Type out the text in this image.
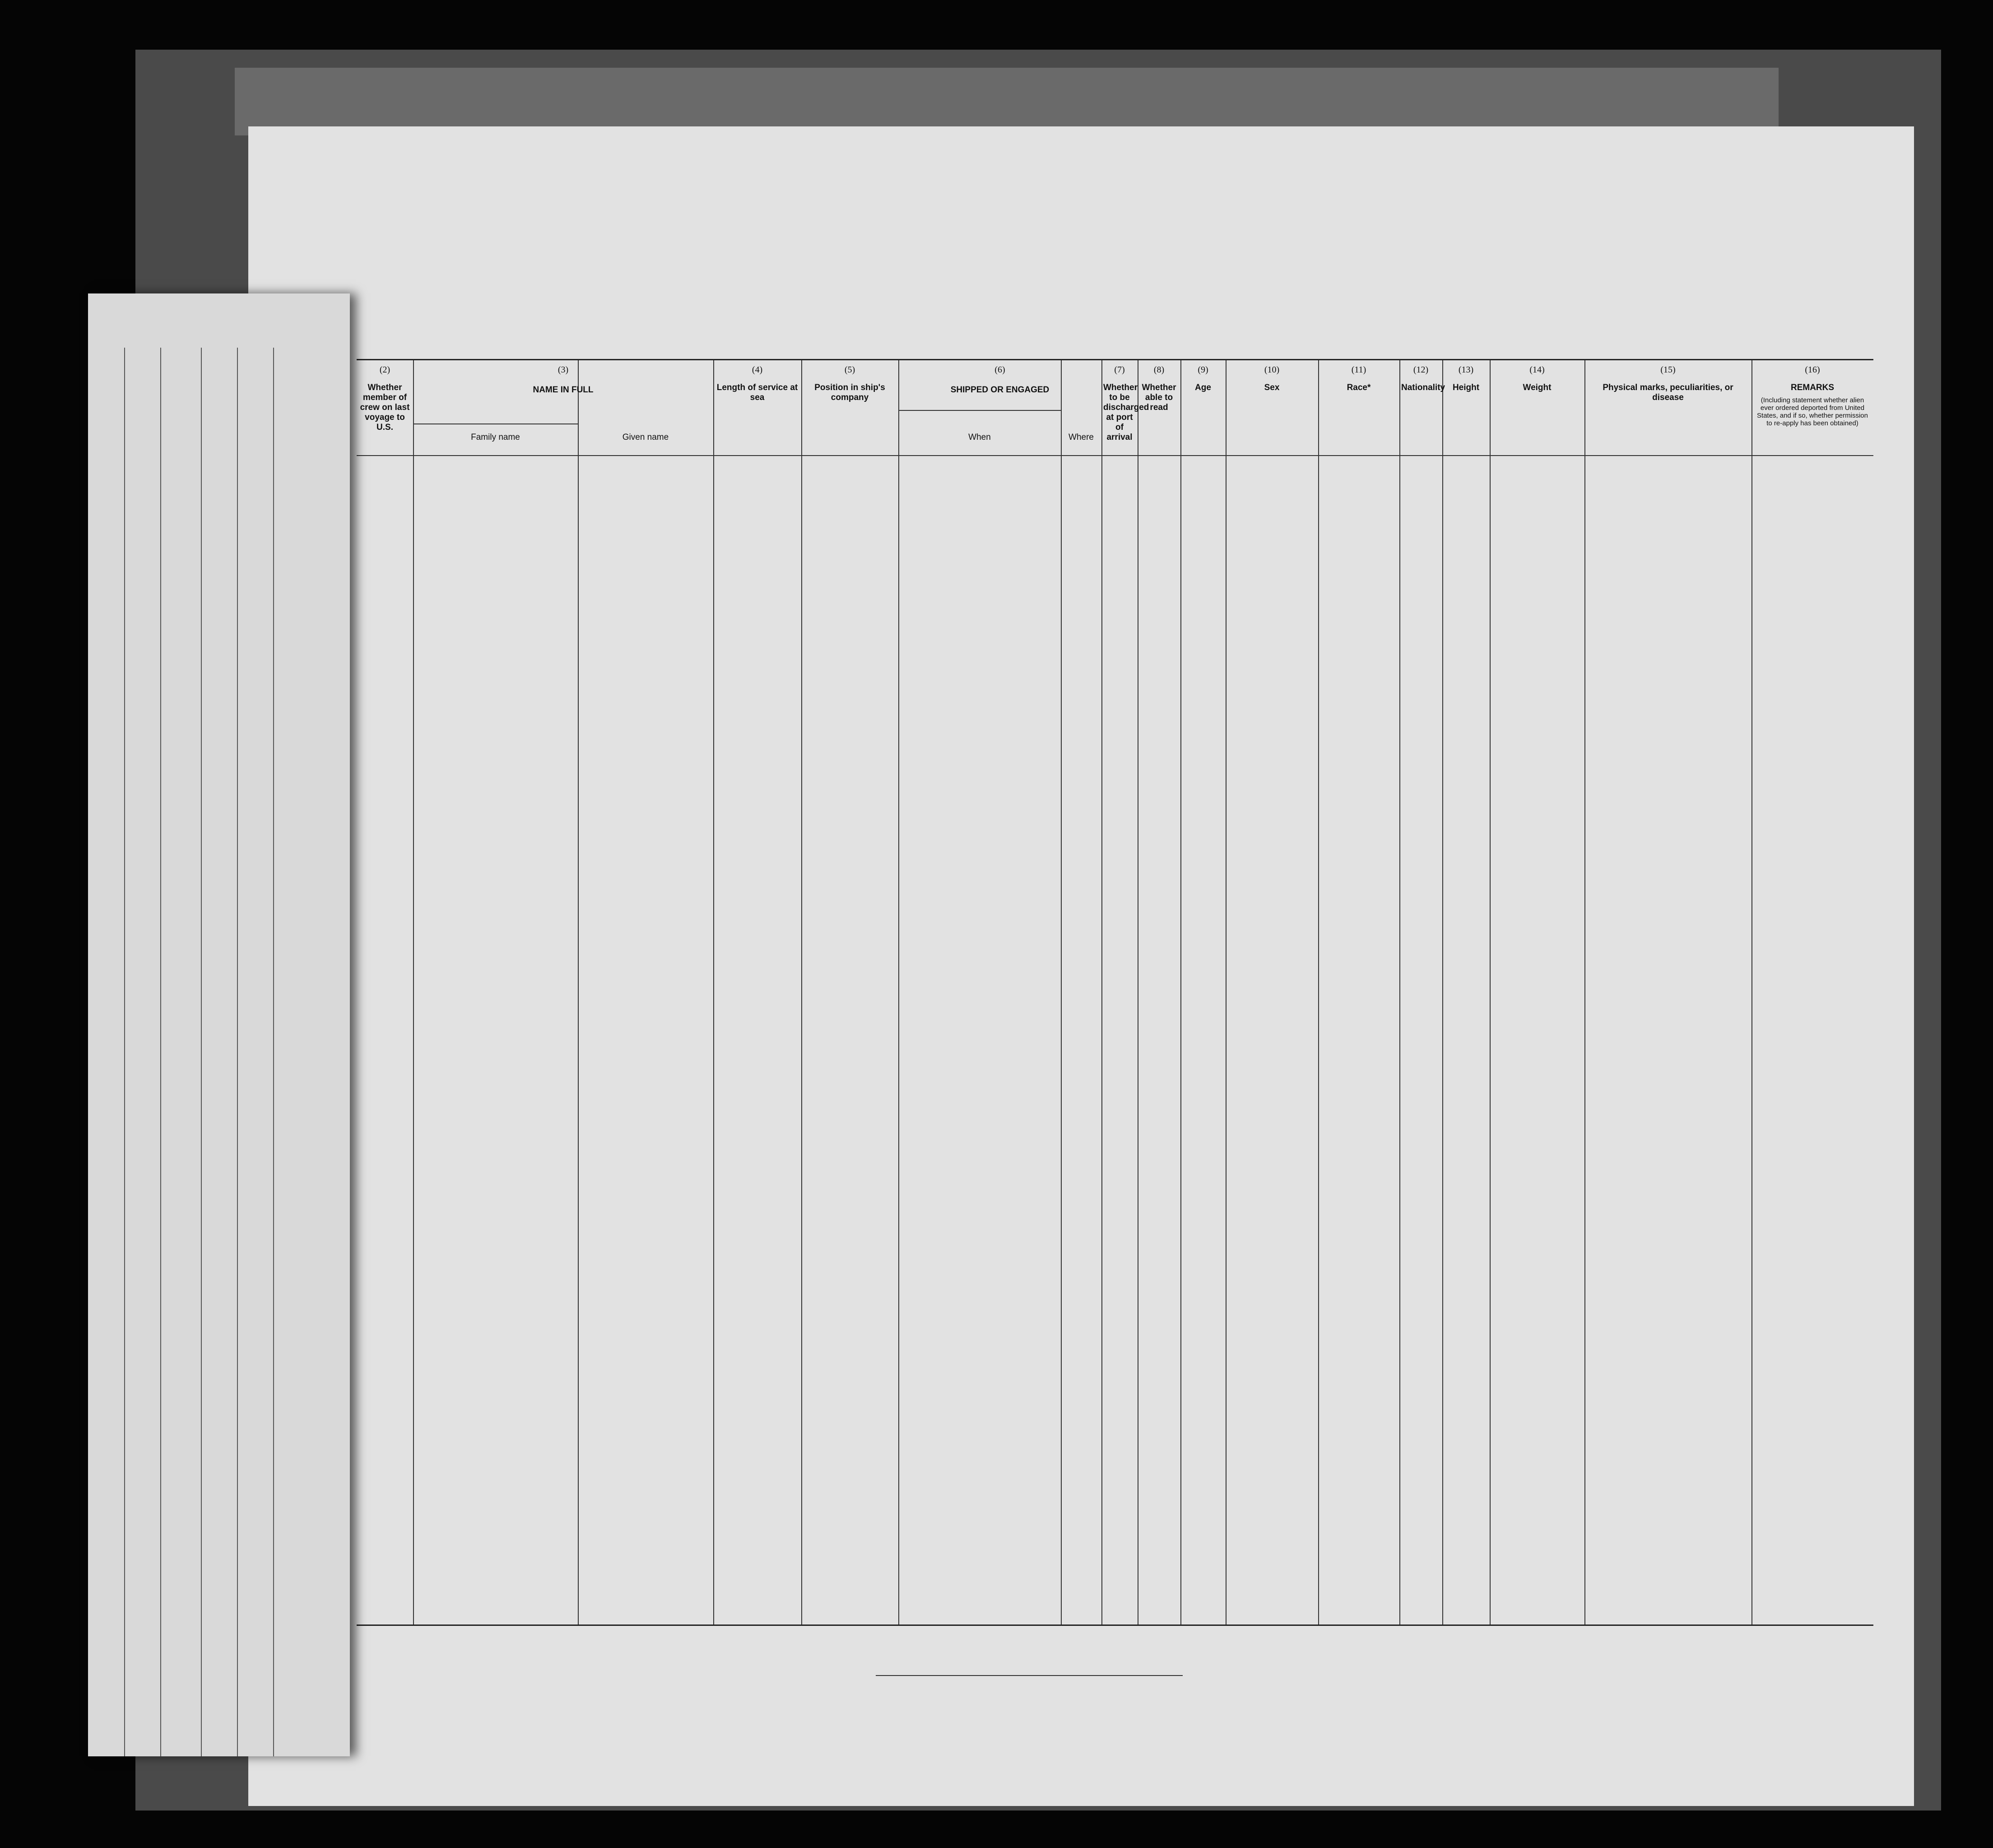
(2)
Whether member of crew on last voyage to U.S.
(3)
NAME IN FULL
Family name	Given name
(4)
Length of service at sea
(5)
Position in ship's company
(6)
SHIPPED OR ENGAGED
When	Where
(7)
Whether to be discharged at port of arrival
(8)
Whether able to read
(9)
Age
(10)
Sex
(11)
Race*
(12)
Nationality
(13)
Height
(14)
Weight
(15)
Physical marks, peculiarities, or disease
(16)
REMARKS
(Including statement whether alien ever ordered deported from United States, and if so, whether permission to re-apply has been obtained)
